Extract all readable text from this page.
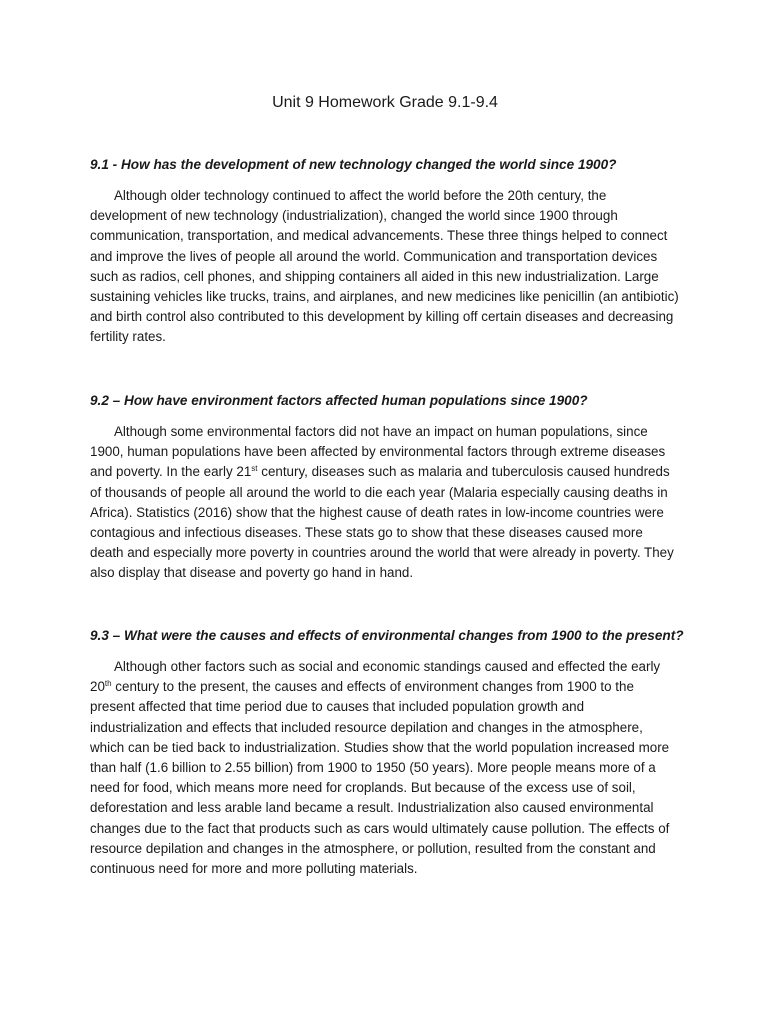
Unit 9 Homework Grade 9.1-9.4
9.1 - How has the development of new technology changed the world since 1900?

Although older technology continued to affect the world before the 20th century, the development of new technology (industrialization), changed the world since 1900 through communication, transportation, and medical advancements. These three things helped to connect and improve the lives of people all around the world. Communication and transportation devices such as radios, cell phones, and shipping containers all aided in this new industrialization. Large sustaining vehicles like trucks, trains, and airplanes, and new medicines like penicillin (an antibiotic) and birth control also contributed to this development by killing off certain diseases and decreasing fertility rates.

9.2 – How have environment factors affected human populations since 1900?

Although some environmental factors did not have an impact on human populations, since 1900, human populations have been affected by environmental factors through extreme diseases and poverty. In the early 21st century, diseases such as malaria and tuberculosis caused hundreds of thousands of people all around the world to die each year (Malaria especially causing deaths in Africa). Statistics (2016) show that the highest cause of death rates in low-income countries were contagious and infectious diseases. These stats go to show that these diseases caused more death and especially more poverty in countries around the world that were already in poverty. They also display that disease and poverty go hand in hand.

9.3 – What were the causes and effects of environmental changes from 1900 to the present?

Although other factors such as social and economic standings caused and effected the early 20th century to the present, the causes and effects of environment changes from 1900 to the present affected that time period due to causes that included population growth and industrialization and effects that included resource depilation and changes in the atmosphere, which can be tied back to industrialization. Studies show that the world population increased more than half (1.6 billion to 2.55 billion) from 1900 to 1950 (50 years). More people means more of a need for food, which means more need for croplands. But because of the excess use of soil, deforestation and less arable land became a result. Industrialization also caused environmental changes due to the fact that products such as cars would ultimately cause pollution. The effects of resource depilation and changes in the atmosphere, or pollution, resulted from the constant and continuous need for more and more polluting materials.
